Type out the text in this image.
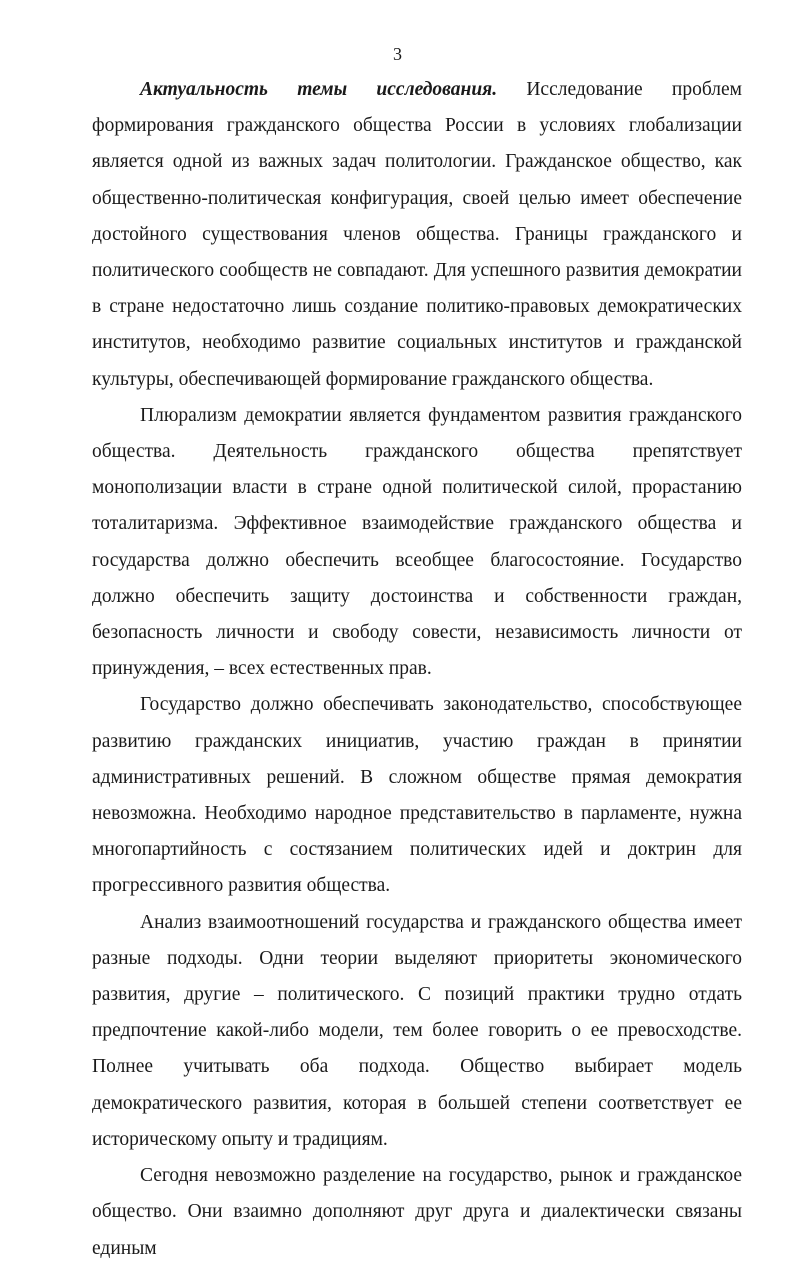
3

Актуальность темы исследования. Исследование проблем формирования гражданского общества России в условиях глобализации является одной из важных задач политологии. Гражданское общество, как общественно-политическая конфигурация, своей целью имеет обеспечение достойного существования членов общества. Границы гражданского и политического сообществ не совпадают. Для успешного развития демократии в стране недостаточно лишь создание политико-правовых демократических институтов, необходимо развитие социальных институтов и гражданской культуры, обеспечивающей формирование гражданского общества.

Плюрализм демократии является фундаментом развития гражданского общества. Деятельность гражданского общества препятствует монополизации власти в стране одной политической силой, прорастанию тоталитаризма. Эффективное взаимодействие гражданского общества и государства должно обеспечить всеобщее благосостояние. Государство должно обеспечить защиту достоинства и собственности граждан, безопасность личности и свободу совести, независимость личности от принуждения, – всех естественных прав.

Государство должно обеспечивать законодательство, способствующее развитию гражданских инициатив, участию граждан в принятии административных решений. В сложном обществе прямая демократия невозможна. Необходимо народное представительство в парламенте, нужна многопартийность с состязанием политических идей и доктрин для прогрессивного развития общества.

Анализ взаимоотношений государства и гражданского общества имеет разные подходы. Одни теории выделяют приоритеты экономического развития, другие – политического. С позиций практики трудно отдать предпочтение какой-либо модели, тем более говорить о ее превосходстве. Полнее учитывать оба подхода. Общество выбирает модель демократического развития, которая в большей степени соответствует ее историческому опыту и традициям.

Сегодня невозможно разделение на государство, рынок и гражданское общество. Они взаимно дополняют друг друга и диалектически связаны единым
